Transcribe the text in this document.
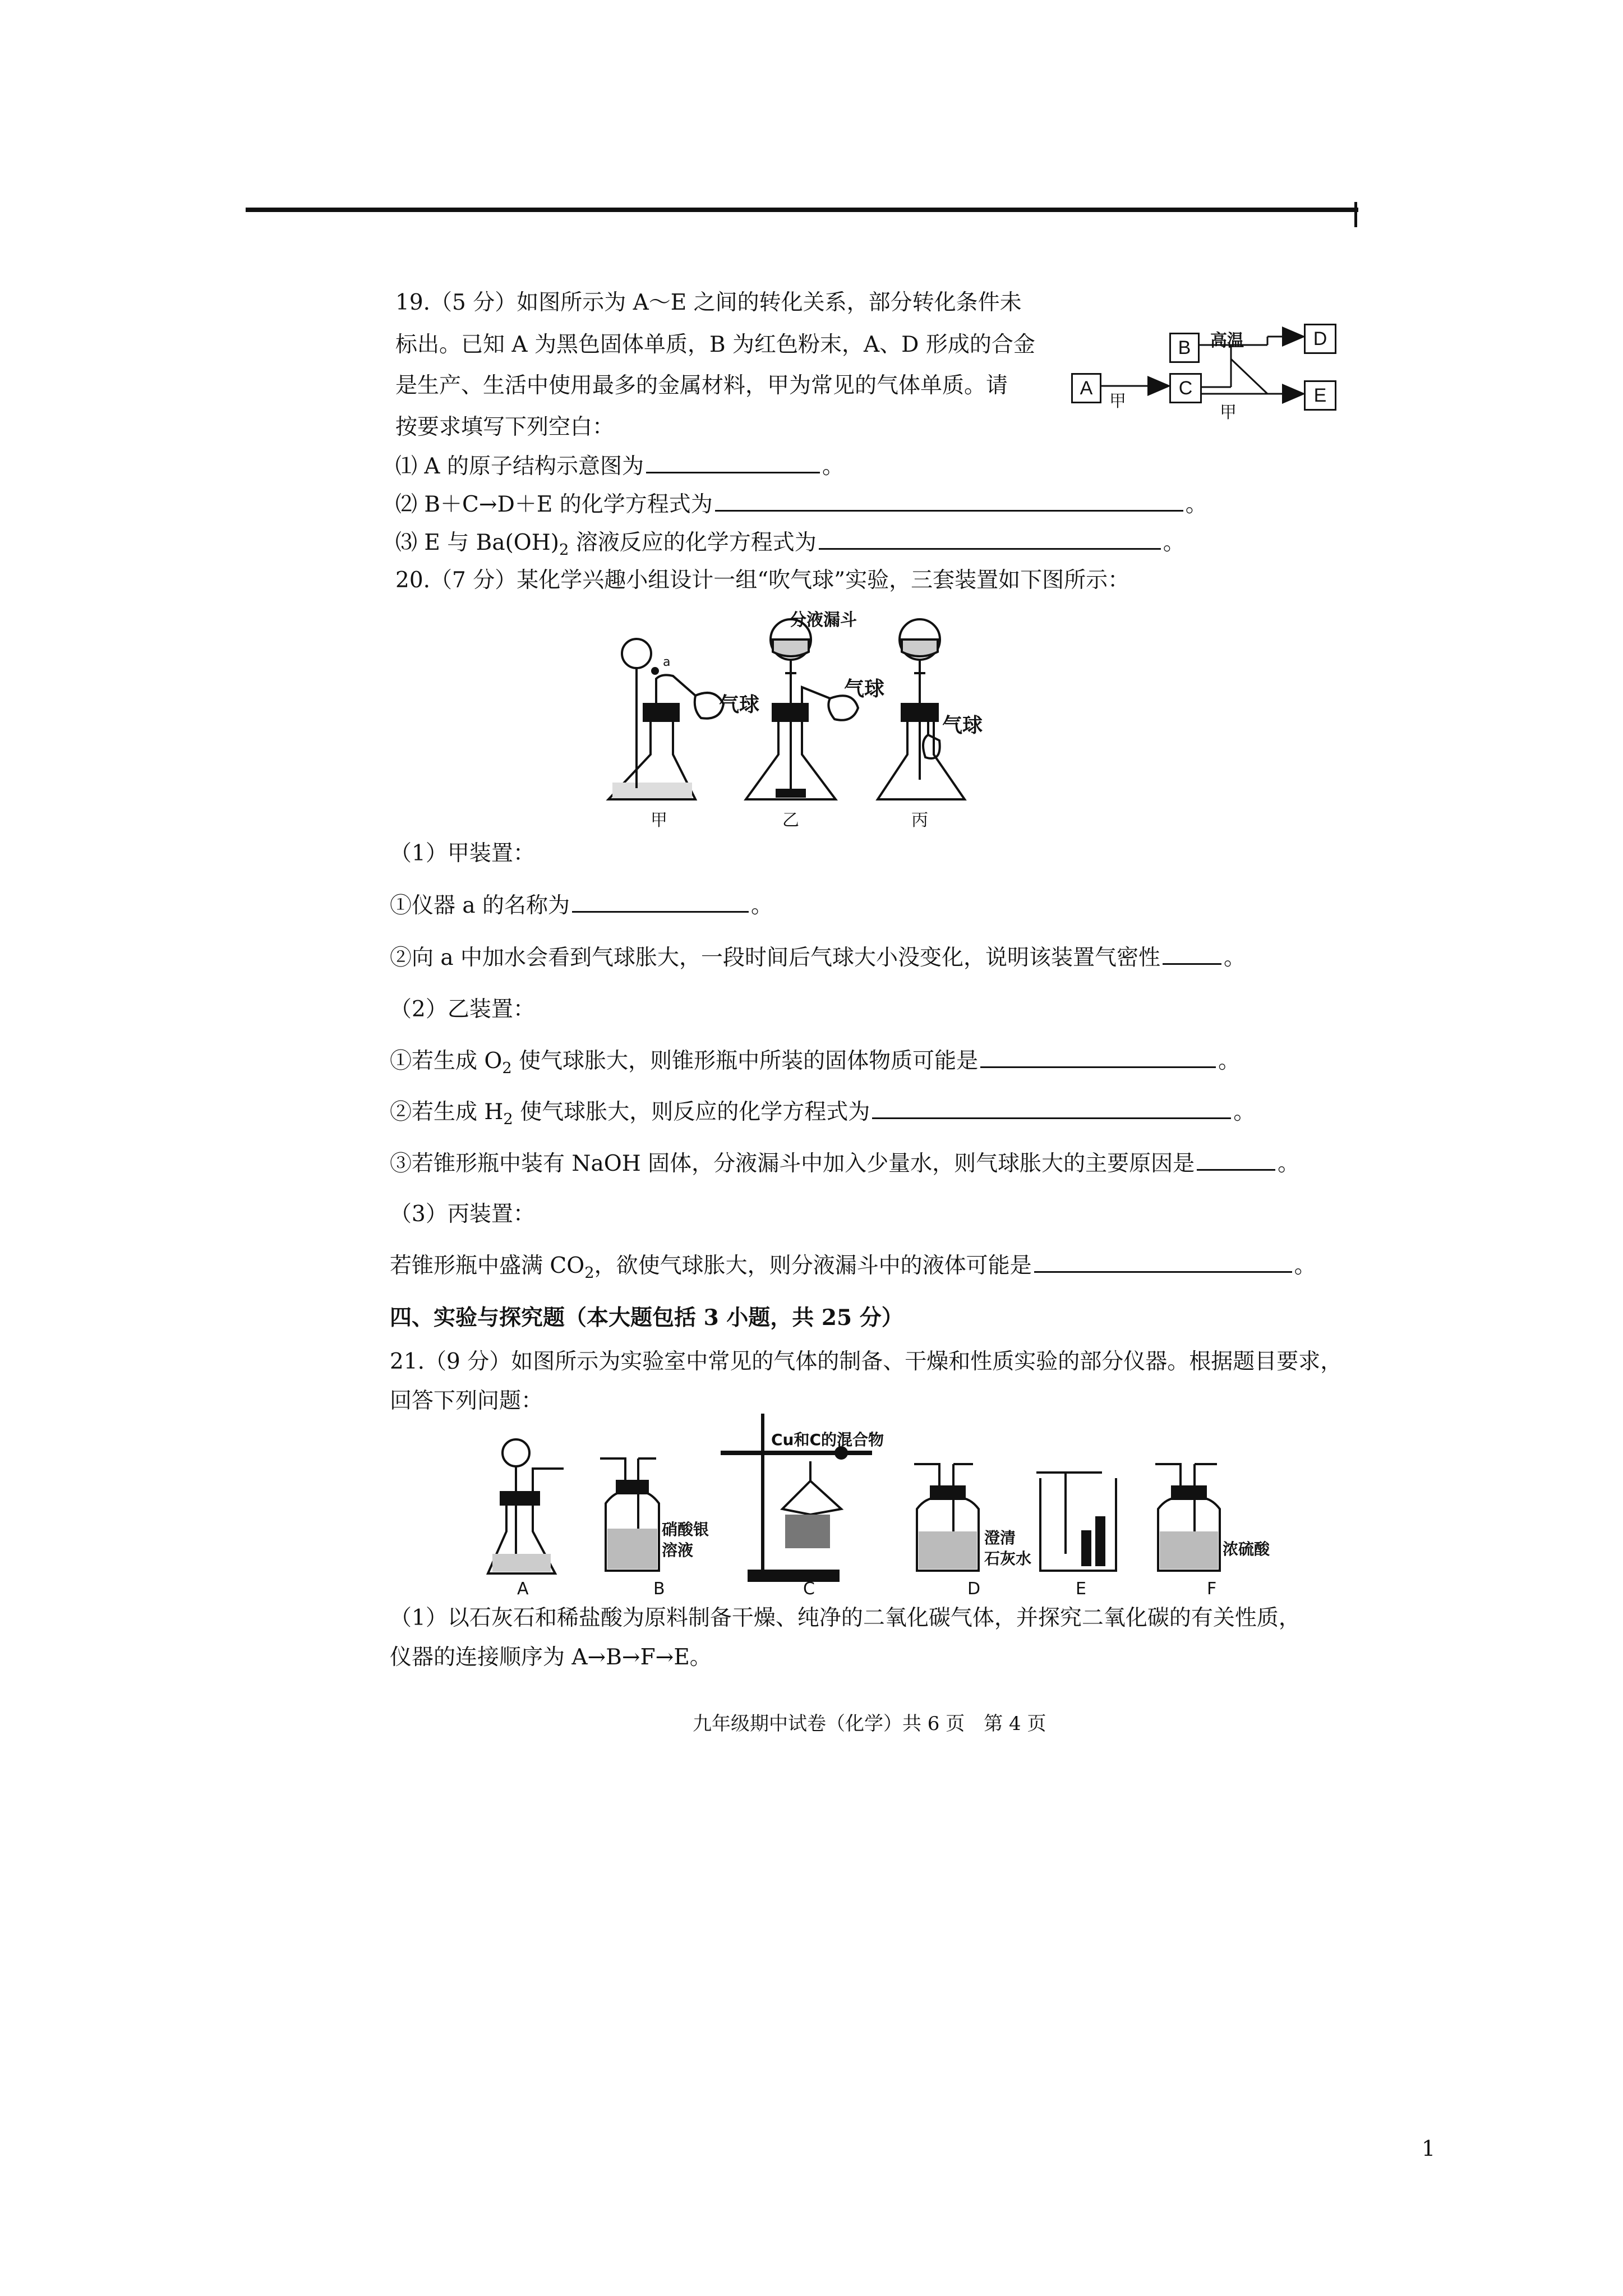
19.（5 分）如图所示为 A～E 之间的转化关系，部分转化条件未
标出。已知 A 为黑色固体单质，B 为红色粉末，A、D 形成的合金
是生产、生活中使用最多的金属材料，甲为常见的气体单质。请
按要求填写下列空白：
⑴ A 的原子结构示意图为	。
⑵ B＋C→D＋E 的化学方程式为	。
⑶ E 与 $Ba(OH)_2$ 溶液反应的化学方程式为	。
A
B
C
D
E
高温
甲
甲
20.（7 分）某化学兴趣小组设计一组“吹气球”实验，三套装置如下图所示：
分液漏斗
气球
气球
气球
a
甲	乙	丙
（1）甲装置：
①仪器 a 的名称为	。
②向 a 中加水会看到气球胀大，一段时间后气球大小没变化，说明该装置气密性	。
（2）乙装置：
①若生成 $O_2$ 使气球胀大，则锥形瓶中所装的固体物质可能是	。
②若生成 $H_2$ 使气球胀大，则反应的化学方程式为	。
③若锥形瓶中装有 NaOH 固体，分液漏斗中加入少量水，则气球胀大的主要原因是	。
（3）丙装置：
若锥形瓶中盛满 $CO_2$，欲使气球胀大，则分液漏斗中的液体可能是	。
四、实验与探究题（本大题包括 3 小题，共 25 分）
21.（9 分）如图所示为实验室中常见的气体的制备、干燥和性质实验的部分仪器。根据题目要求，
回答下列问题：
A	B	C	D	E	F
硝酸银
溶液
Cu和C的混合物
澄清
石灰水
浓硫酸
（1）以石灰石和稀盐酸为原料制备干燥、纯净的二氧化碳气体，并探究二氧化碳的有关性质，
仪器的连接顺序为 A→B→F→E。
九年级期中试卷（化学）共 6 页　第 4 页
1
